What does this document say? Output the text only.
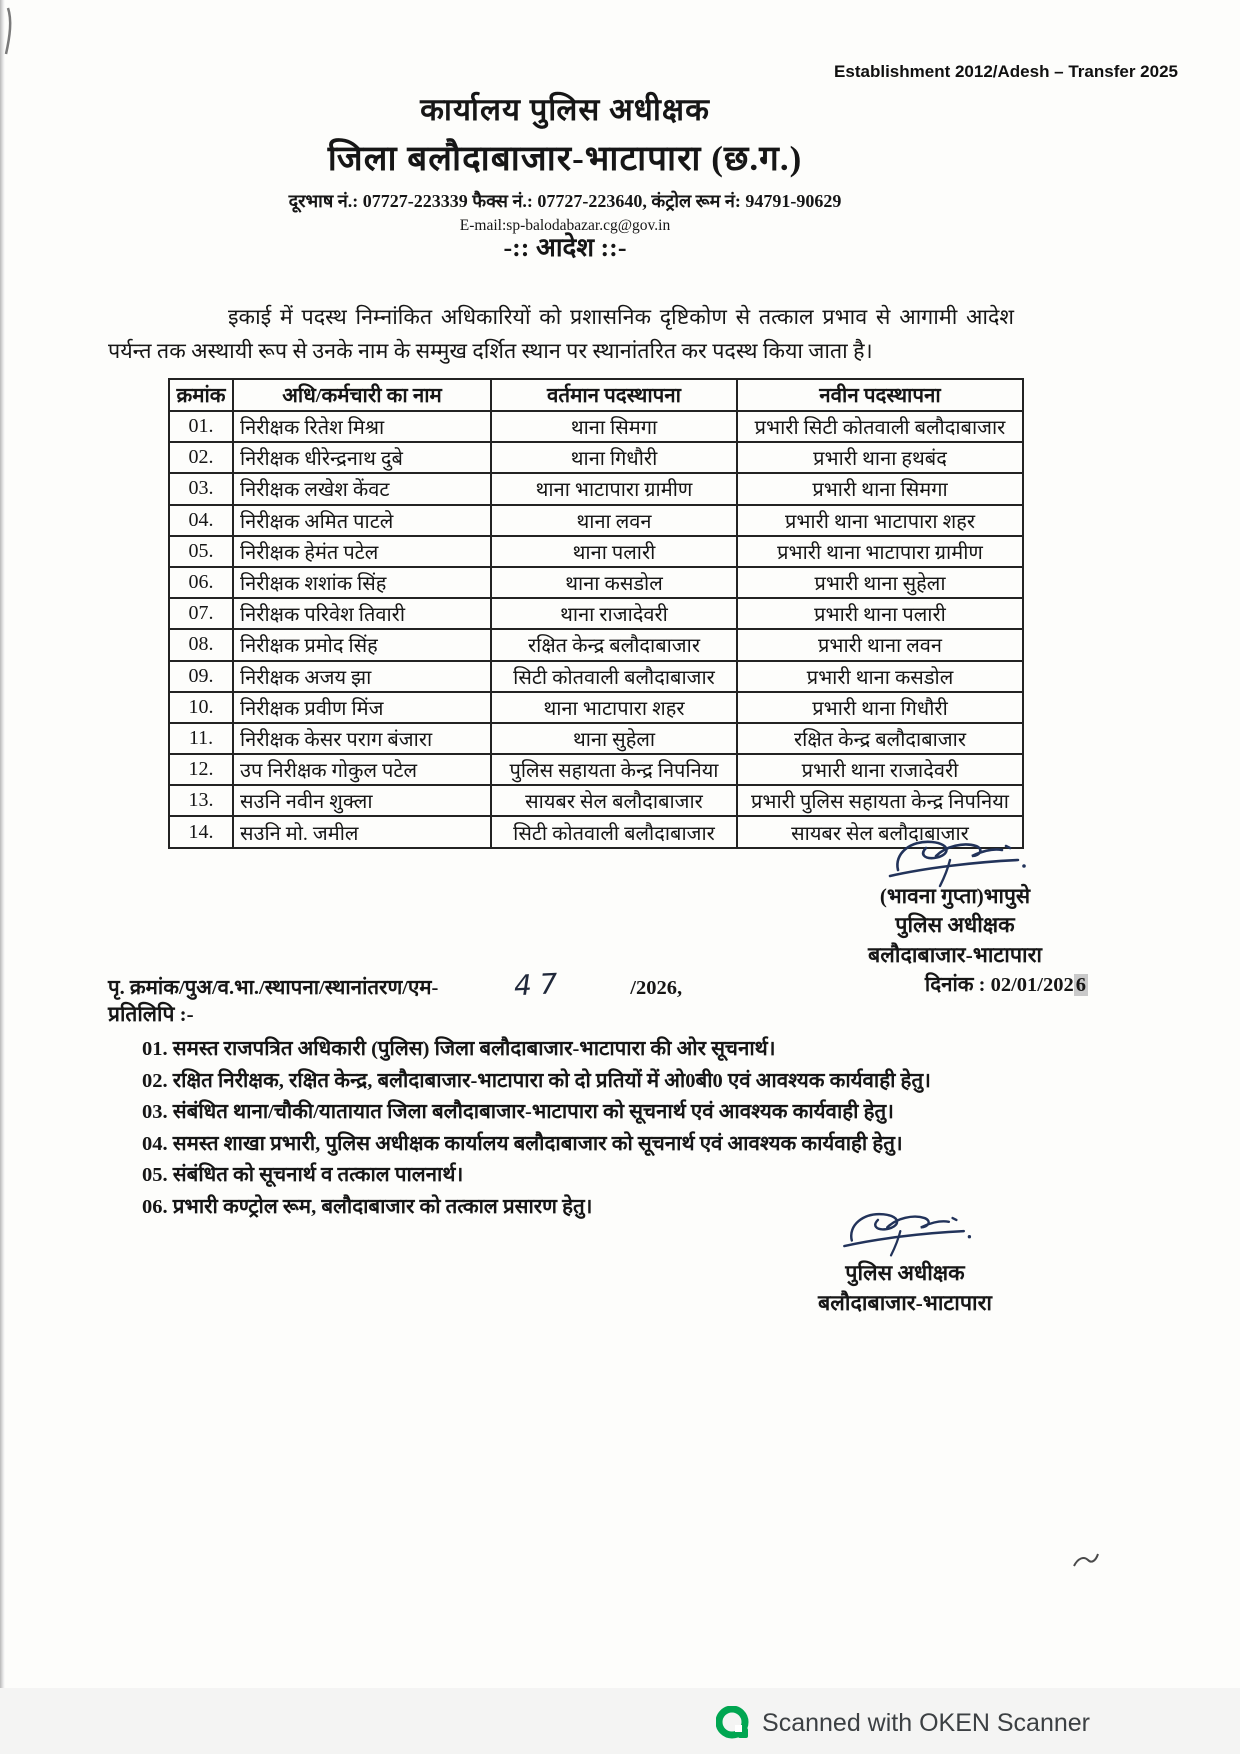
Establishment 2012/Adesh – Transfer 2025
कार्यालय पुलिस अधीक्षक
जिला बलौदाबाजार-भाटापारा (छ.ग.)
दूरभाष नं.: 07727-223339 फैक्स नं.: 07727-223640, कंट्रोल रूम नं: 94791-90629
E-mail:sp-balodabazar.cg@gov.in
-:: आदेश ::-

इकाई में पदस्थ निम्नांकित अधिकारियों को प्रशासनिक दृष्टिकोण से तत्काल प्रभाव से आगामी आदेश पर्यन्त तक अस्थायी रूप से उनके नाम के सम्मुख दर्शित स्थान पर स्थानांतरित कर पदस्थ किया जाता है।

क्रमांक	अधि/कर्मचारी का नाम	वर्तमान पदस्थापना	नवीन पदस्थापना
01.	निरीक्षक रितेश मिश्रा	थाना सिमगा	प्रभारी सिटी कोतवाली बलौदाबाजार
02.	निरीक्षक धीरेन्द्रनाथ दुबे	थाना गिधौरी	प्रभारी थाना हथबंद
03.	निरीक्षक लखेश केंवट	थाना भाटापारा ग्रामीण	प्रभारी थाना सिमगा
04.	निरीक्षक अमित पाटले	थाना लवन	प्रभारी थाना भाटापारा शहर
05.	निरीक्षक हेमंत पटेल	थाना पलारी	प्रभारी थाना भाटापारा ग्रामीण
06.	निरीक्षक शशांक सिंह	थाना कसडोल	प्रभारी थाना सुहेला
07.	निरीक्षक परिवेश तिवारी	थाना राजादेवरी	प्रभारी थाना पलारी
08.	निरीक्षक प्रमोद सिंह	रक्षित केन्द्र बलौदाबाजार	प्रभारी थाना लवन
09.	निरीक्षक अजय झा	सिटी कोतवाली बलौदाबाजार	प्रभारी थाना कसडोल
10.	निरीक्षक प्रवीण मिंज	थाना भाटापारा शहर	प्रभारी थाना गिधौरी
11.	निरीक्षक केसर पराग बंजारा	थाना सुहेला	रक्षित केन्द्र बलौदाबाजार
12.	उप निरीक्षक गोकुल पटेल	पुलिस सहायता केन्द्र निपनिया	प्रभारी थाना राजादेवरी
13.	सउनि नवीन शुक्ला	सायबर सेल बलौदाबाजार	प्रभारी पुलिस सहायता केन्द्र निपनिया
14.	सउनि मो. जमील	सिटी कोतवाली बलौदाबाजार	सायबर सेल बलौदाबाजार
(भावना गुप्ता)भापुसे
पुलिस अधीक्षक
बलौदाबाजार-भाटापारा
पृ. क्रमांक/पुअ/व.भा./स्थापना/स्थानांतरण/एम-	47	/2026,	दिनांक : 02/01/2026
प्रतिलिपि :-
01. समस्त राजपत्रित अधिकारी (पुलिस) जिला बलौदाबाजार-भाटापारा की ओर सूचनार्थ।
02. रक्षित निरीक्षक, रक्षित केन्द्र, बलौदाबाजार-भाटापारा को दो प्रतियों में ओ0बी0 एवं आवश्यक कार्यवाही हेतु।
03. संबंधित थाना/चौकी/यातायात जिला बलौदाबाजार-भाटापारा को सूचनार्थ एवं आवश्यक कार्यवाही हेतु।
04. समस्त शाखा प्रभारी, पुलिस अधीक्षक कार्यालय बलौदाबाजार को सूचनार्थ एवं आवश्यक कार्यवाही हेतु।
05. संबंधित को सूचनार्थ व तत्काल पालनार्थ।
06. प्रभारी कण्ट्रोल रूम, बलौदाबाजार को तत्काल प्रसारण हेतु।
पुलिस अधीक्षक
बलौदाबाजार-भाटापारा
Scanned with OKEN Scanner
